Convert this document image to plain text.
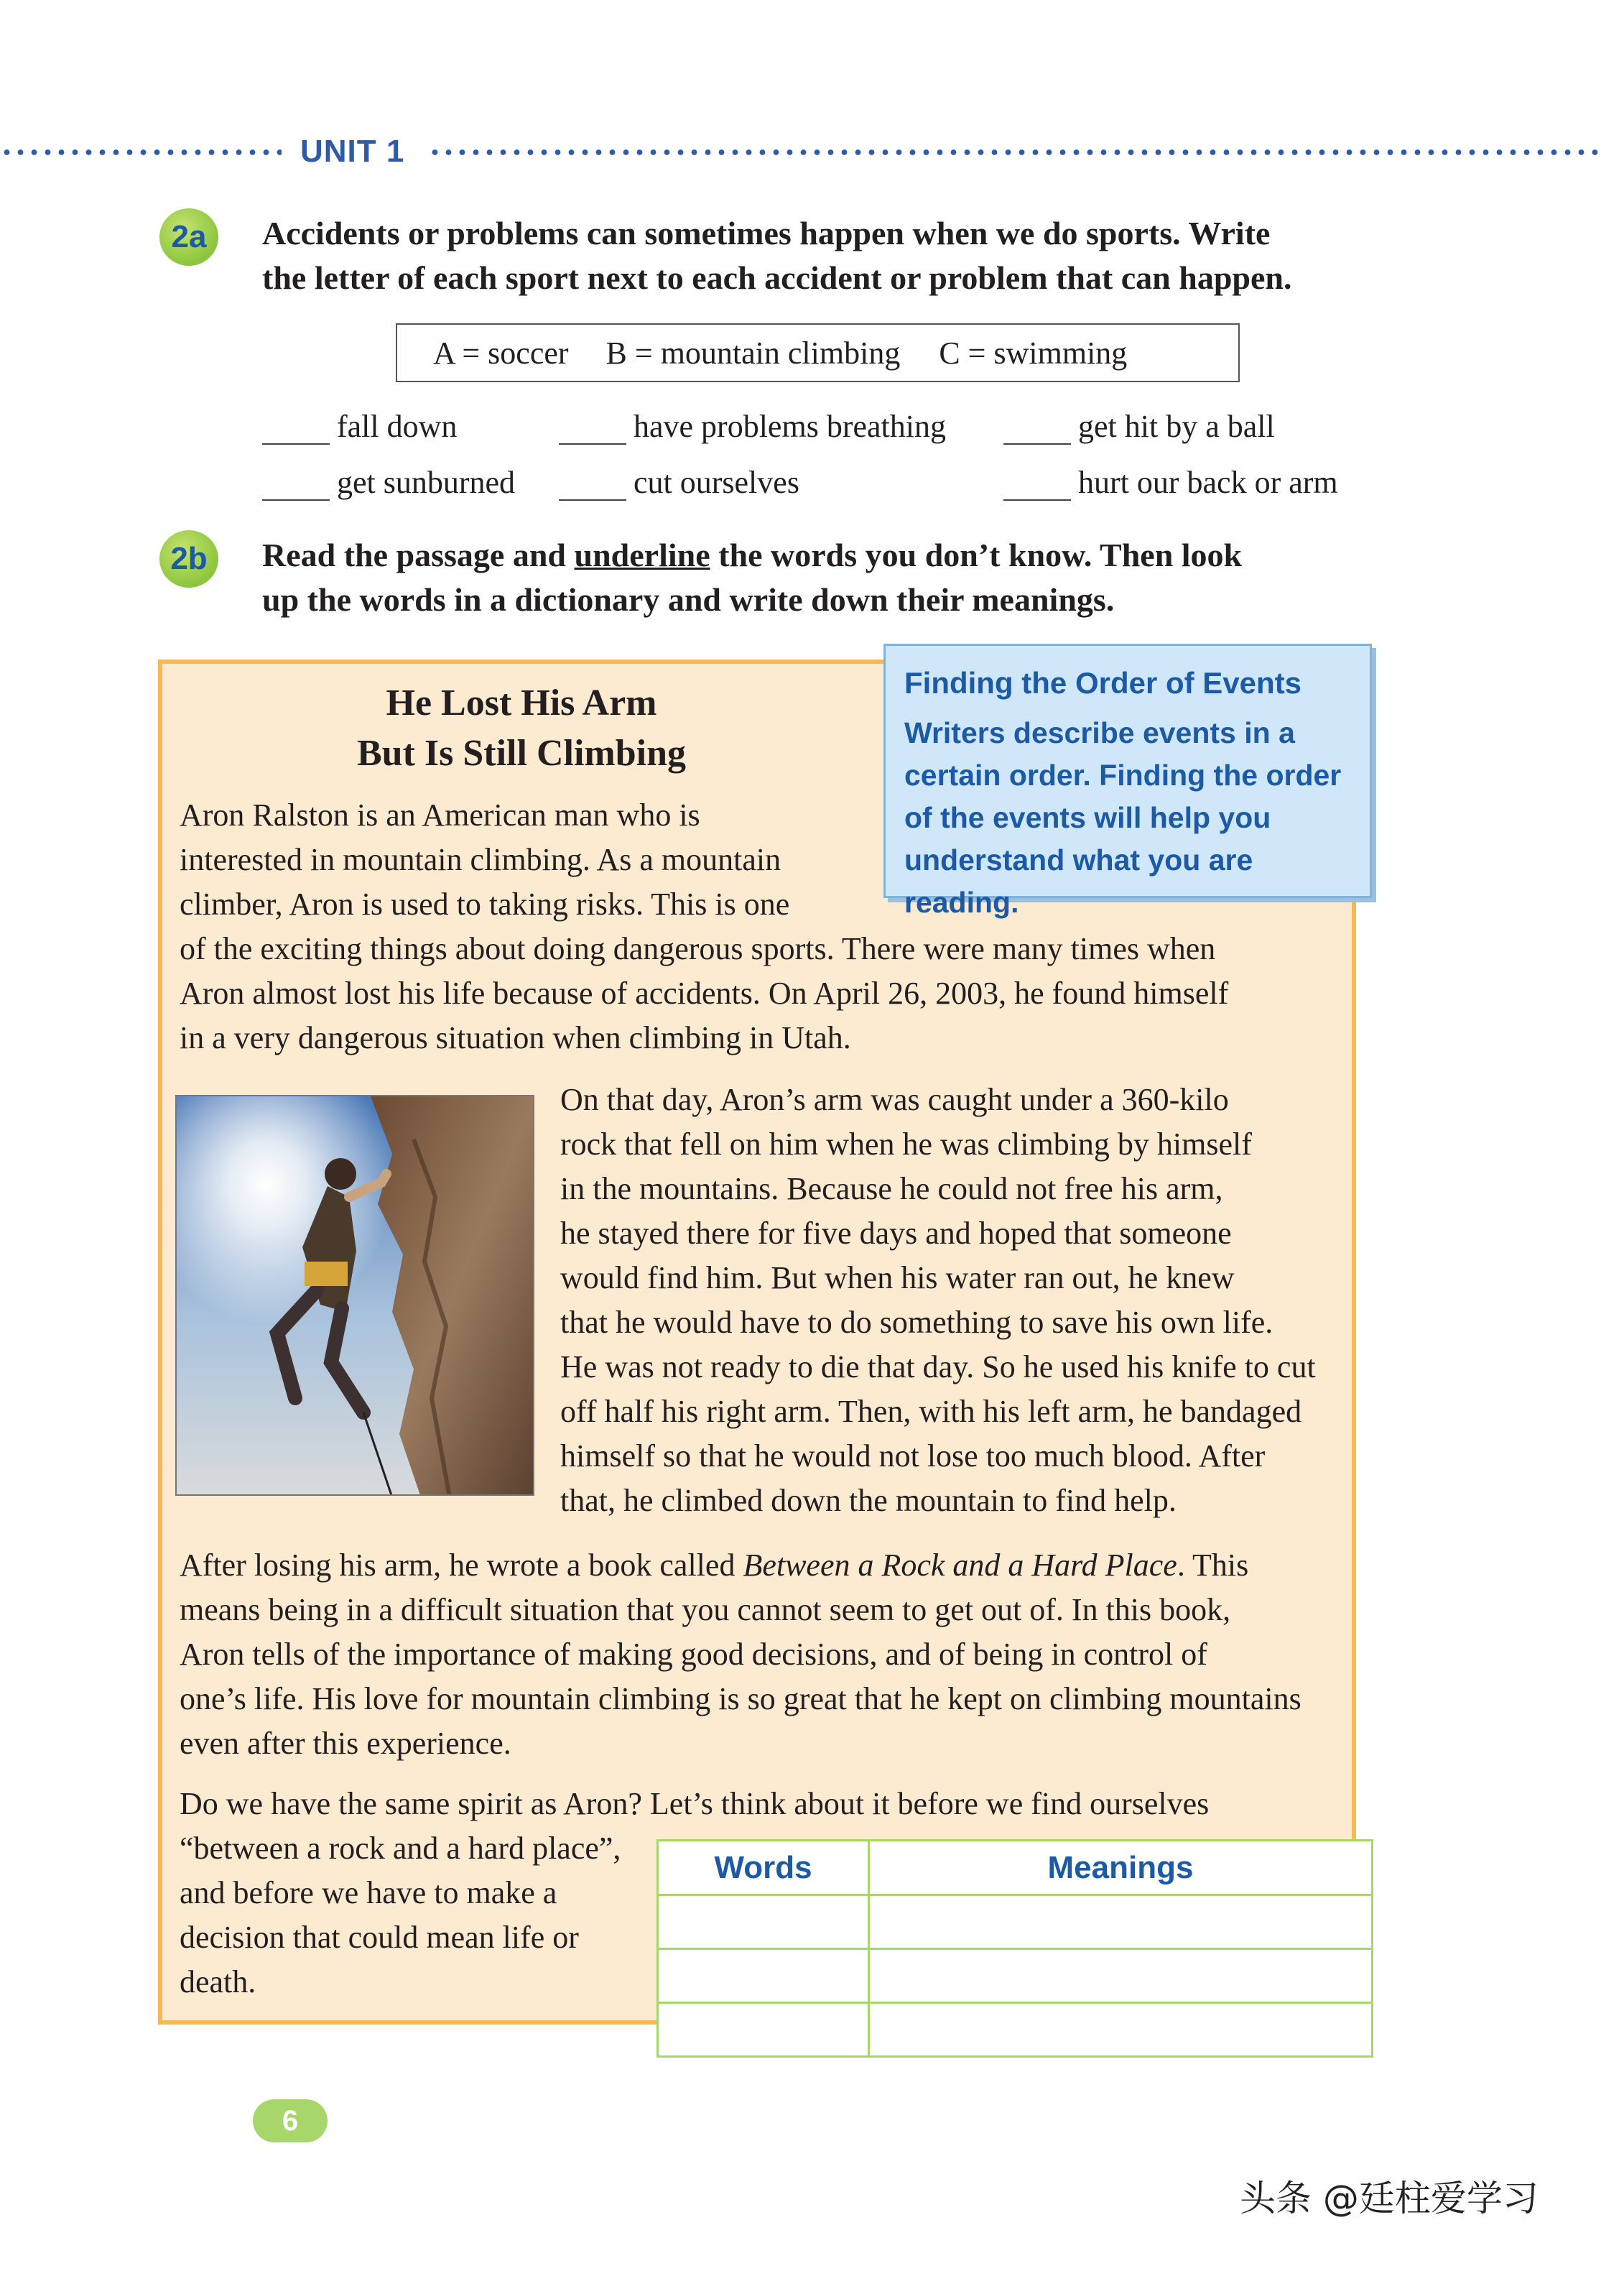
UNIT 1
2a	Accidents or problems can sometimes happen when we do sports. Write
the letter of each sport next to each accident or problem that can happen.
A = soccer B = mountain climbing C = swimming
fall down	have problems breathing	get hit by a ball
get sunburned	cut ourselves	hurt our back or arm
2b	Read the passage and underline the words you don’t know. Then look
up the words in a dictionary and write down their meanings.
He Lost His Arm
But Is Still Climbing
Aron Ralston is an American man who is
interested in mountain climbing. As a mountain
climber, Aron is used to taking risks. This is one
of the exciting things about doing dangerous sports. There were many times when
Aron almost lost his life because of accidents. On April 26, 2003, he found himself
in a very dangerous situation when climbing in Utah.
On that day, Aron’s arm was caught under a 360-kilo
rock that fell on him when he was climbing by himself
in the mountains. Because he could not free his arm,
he stayed there for five days and hoped that someone
would find him. But when his water ran out, he knew
that he would have to do something to save his own life.
He was not ready to die that day. So he used his knife to cut
off half his right arm. Then, with his left arm, he bandaged
himself so that he would not lose too much blood. After
that, he climbed down the mountain to find help.
After losing his arm, he wrote a book called Between a Rock and a Hard Place. This
means being in a difficult situation that you cannot seem to get out of. In this book,
Aron tells of the importance of making good decisions, and of being in control of
one’s life. His love for mountain climbing is so great that he kept on climbing mountains
even after this experience.
Do we have the same spirit as Aron? Let’s think about it before we find ourselves
“between a rock and a hard place”,
and before we have to make a
decision that could mean life or
death.
Finding the Order of Events
Writers describe events in a
certain order. Finding the order
of the events will help you
understand what you are reading.
Words	Meanings

6
头条 @廷柱爱学习
